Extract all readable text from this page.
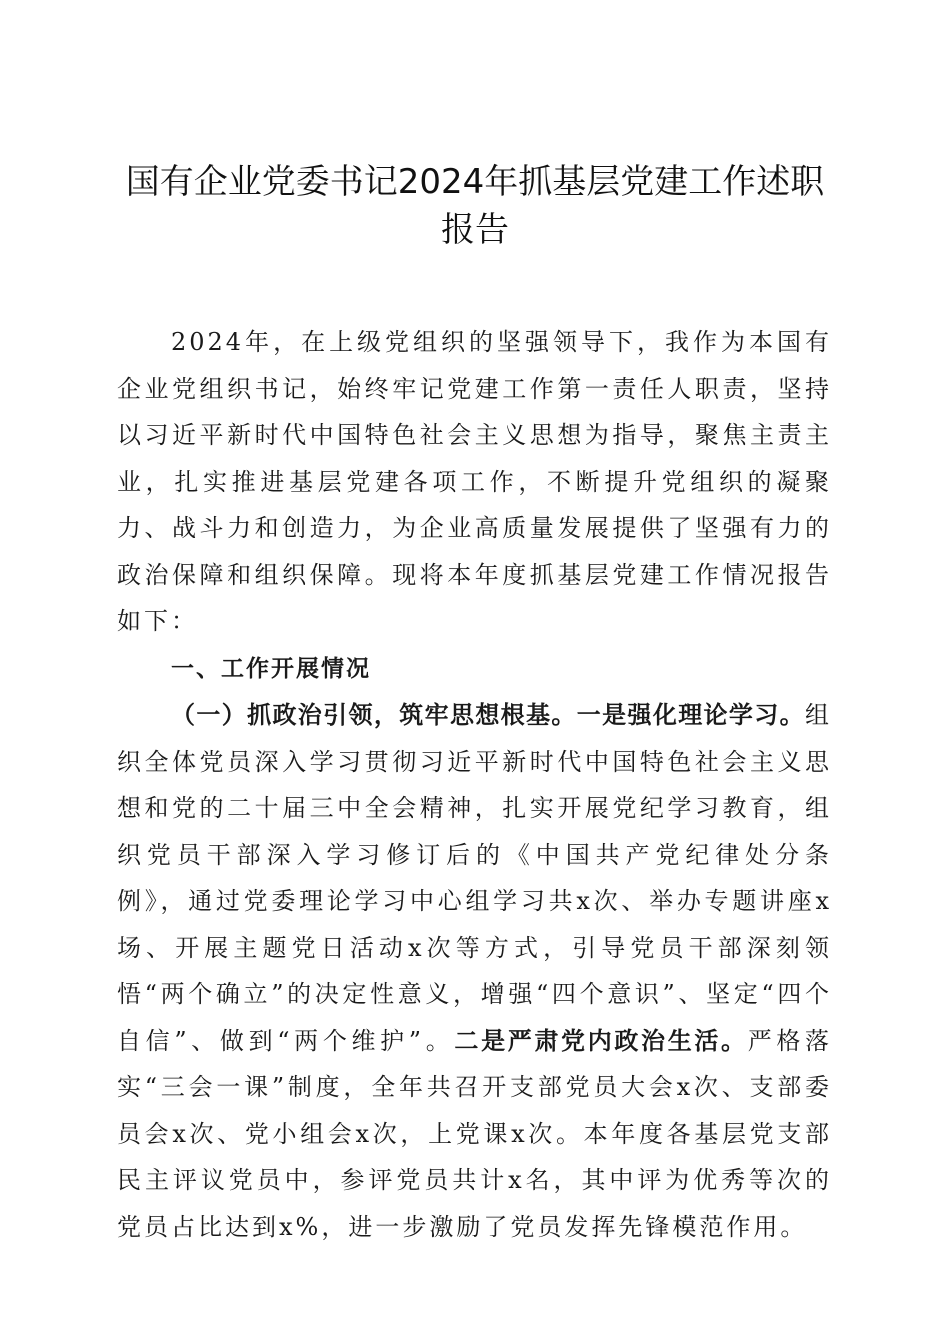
国有企业党委书记2024年抓基层党建工作述职报告

2024年，在上级党组织的坚强领导下，我作为本国有企业党组织书记，始终牢记党建工作第一责任人职责，坚持以习近平新时代中国特色社会主义思想为指导，聚焦主责主业，扎实推进基层党建各项工作，不断提升党组织的凝聚力、战斗力和创造力，为企业高质量发展提供了坚强有力的政治保障和组织保障。现将本年度抓基层党建工作情况报告如下：

一、工作开展情况

（一）抓政治引领，筑牢思想根基。一是强化理论学习。组织全体党员深入学习贯彻习近平新时代中国特色社会主义思想和党的二十届三中全会精神，扎实开展党纪学习教育，组织党员干部深入学习修订后的《中国共产党纪律处分条例》，通过党委理论学习中心组学习共x次、举办专题讲座x场、开展主题党日活动x次等方式，引导党员干部深刻领悟“两个确立”的决定性意义，增强“四个意识”、坚定“四个自信”、做到“两个维护”。二是严肃党内政治生活。严格落实“三会一课”制度，全年共召开支部党员大会x次、支部委员会x次、党小组会x次，上党课x次。本年度各基层党支部民主评议党员中，参评党员共计x名，其中评为优秀等次的党员占比达到x%，进一步激励了党员发挥先锋模范作用。
